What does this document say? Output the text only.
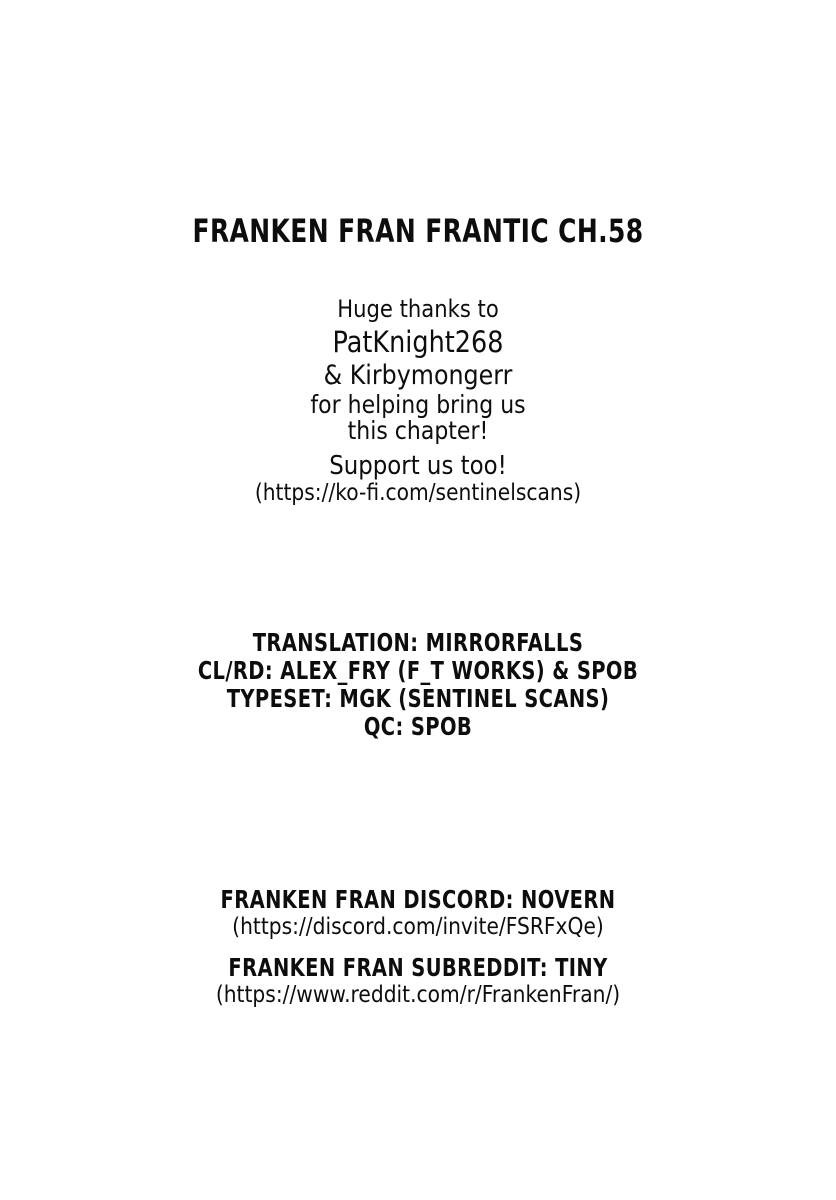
FRANKEN FRAN FRANTIC CH.58
Huge thanks to
PatKnight268
& Kirbymongerr
for helping bring us
this chapter!
Support us too!
(https://ko-fi.com/sentinelscans)
TRANSLATION: MIRRORFALLS
CL/RD: ALEX_FRY (F_T WORKS) & SPOB
TYPESET: MGK (SENTINEL SCANS)
QC: SPOB
FRANKEN FRAN DISCORD: NOVERN
(https://discord.com/invite/FSRFxQe)
FRANKEN FRAN SUBREDDIT: TINY
(https://www.reddit.com/r/FrankenFran/)
